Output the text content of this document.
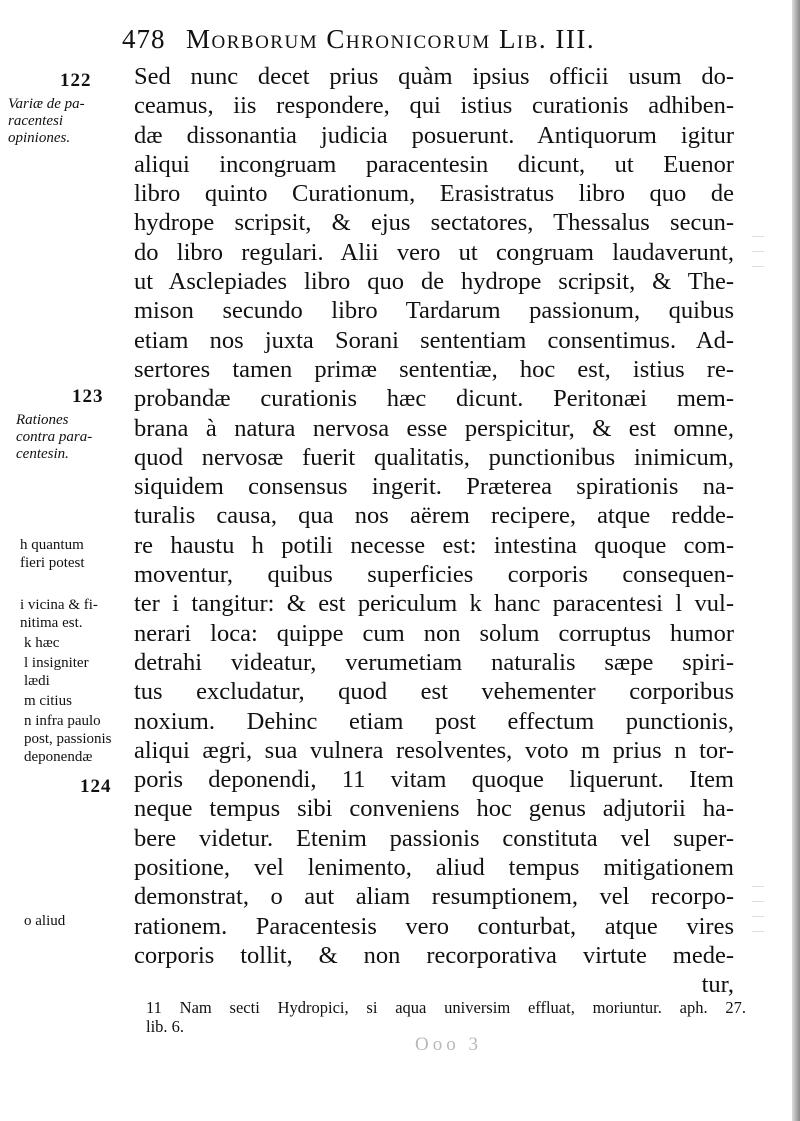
478 Morborum Chronicorum Lib. III.
—
—
—
—
—
—
—
Sed nunc decet prius quàm ipsius officii usum do-
ceamus, iis respondere, qui istius curationis adhiben-
dæ dissonantia judicia posuerunt. Antiquorum igitur
aliqui incongruam paracentesin dicunt, ut Euenor
libro quinto Curationum, Erasistratus libro quo de
hydrope scripsit, & ejus sectatores, Thessalus secun-
do libro regulari. Alii vero ut congruam laudaverunt,
ut Asclepiades libro quo de hydrope scripsit, & The-
mison secundo libro Tardarum passionum, quibus
etiam nos juxta Sorani sententiam consentimus. Ad-
sertores tamen primæ sententiæ, hoc est, istius re-
probandæ curationis hæc dicunt. Peritonæi mem-
brana à natura nervosa esse perspicitur, & est omne,
quod nervosæ fuerit qualitatis, punctionibus inimicum,
siquidem consensus ingerit. Præterea spirationis na-
turalis causa, qua nos aërem recipere, atque redde-
re haustu h potili necesse est: intestina quoque com-
moventur, quibus superficies corporis consequen-
ter i tangitur: & est periculum k hanc paracentesi l vul-
nerari loca: quippe cum non solum corruptus humor
detrahi videatur, verumetiam naturalis sæpe spiri-
tus excludatur, quod est vehementer corporibus
noxium. Dehinc etiam post effectum punctionis,
aliqui ægri, sua vulnera resolventes, voto m prius n tor-
poris deponendi, 11 vitam quoque liquerunt. Item
neque tempus sibi conveniens hoc genus adjutorii ha-
bere videtur. Etenim passionis constituta vel super-
positione, vel lenimento, aliud tempus mitigationem
demonstrat, o aut aliam resumptionem, vel recorpo-
rationem. Paracentesis vero conturbat, atque vires
corporis tollit, & non recorporativa virtute mede-
tur,
122
Variæ de pa-
racentesi
opiniones.
123
Rationes
contra para-
centesin.
h quantum
fieri potest
i vicina & fi-
nitima est.
k hæc
l insigniter
lædi
m citius
n infra paulo
post, passionis
deponendæ
124
o aliud
11 Nam secti Hydropici, si aqua universim effluat, moriuntur. aph. 27.
lib. 6.
Ooo 3
